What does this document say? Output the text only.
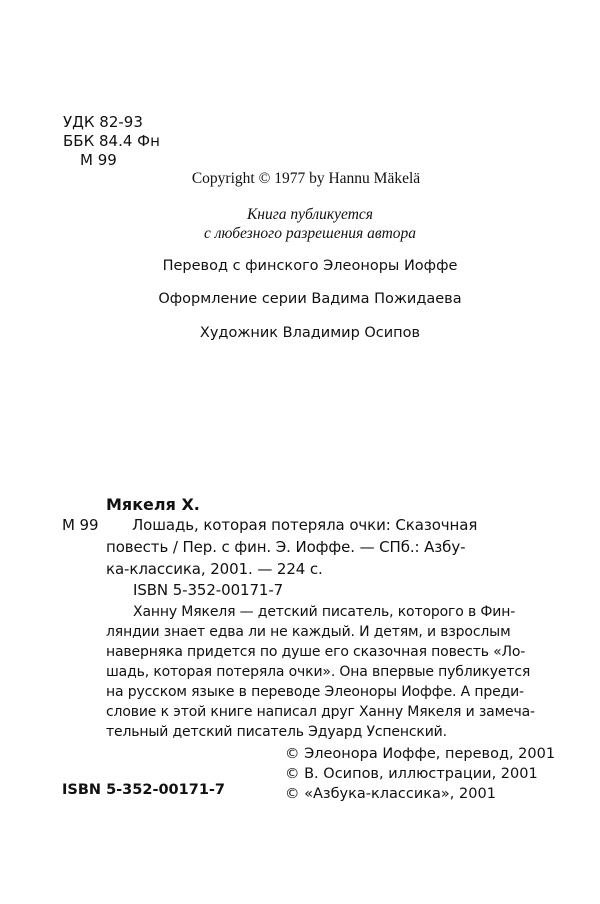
УДК 82-93
ББК 84.4 Фн
М 99
Copyright © 1977 by Hannu Mäkelä
Книга публикуется
с любезного разрешения автора
Перевод с финского Элеоноры Иоффе
Оформление серии Вадима Пожидаева
Художник Владимир Осипов
Мякеля Х.
М 99 Лошадь, которая потеряла очки: Сказочная
повесть / Пер. с фин. Э. Иоффе. — СПб.: Азбу-
ка-классика, 2001. — 224 с.
ISBN 5-352-00171-7
Ханну Мякеля — детский писатель, которого в Фин-
ляндии знает едва ли не каждый. И детям, и взрослым
наверняка придется по душе его сказочная повесть «Ло-
шадь, которая потеряла очки». Она впервые публикуется
на русском языке в переводе Элеоноры Иоффе. А преди-
словие к этой книге написал друг Ханну Мякеля и замеча-
тельный детский писатель Эдуард Успенский.
ISBN 5-352-00171-7
© Элеонора Иоффе, перевод, 2001
© В. Осипов, иллюстрации, 2001
© «Азбука-классика», 2001
